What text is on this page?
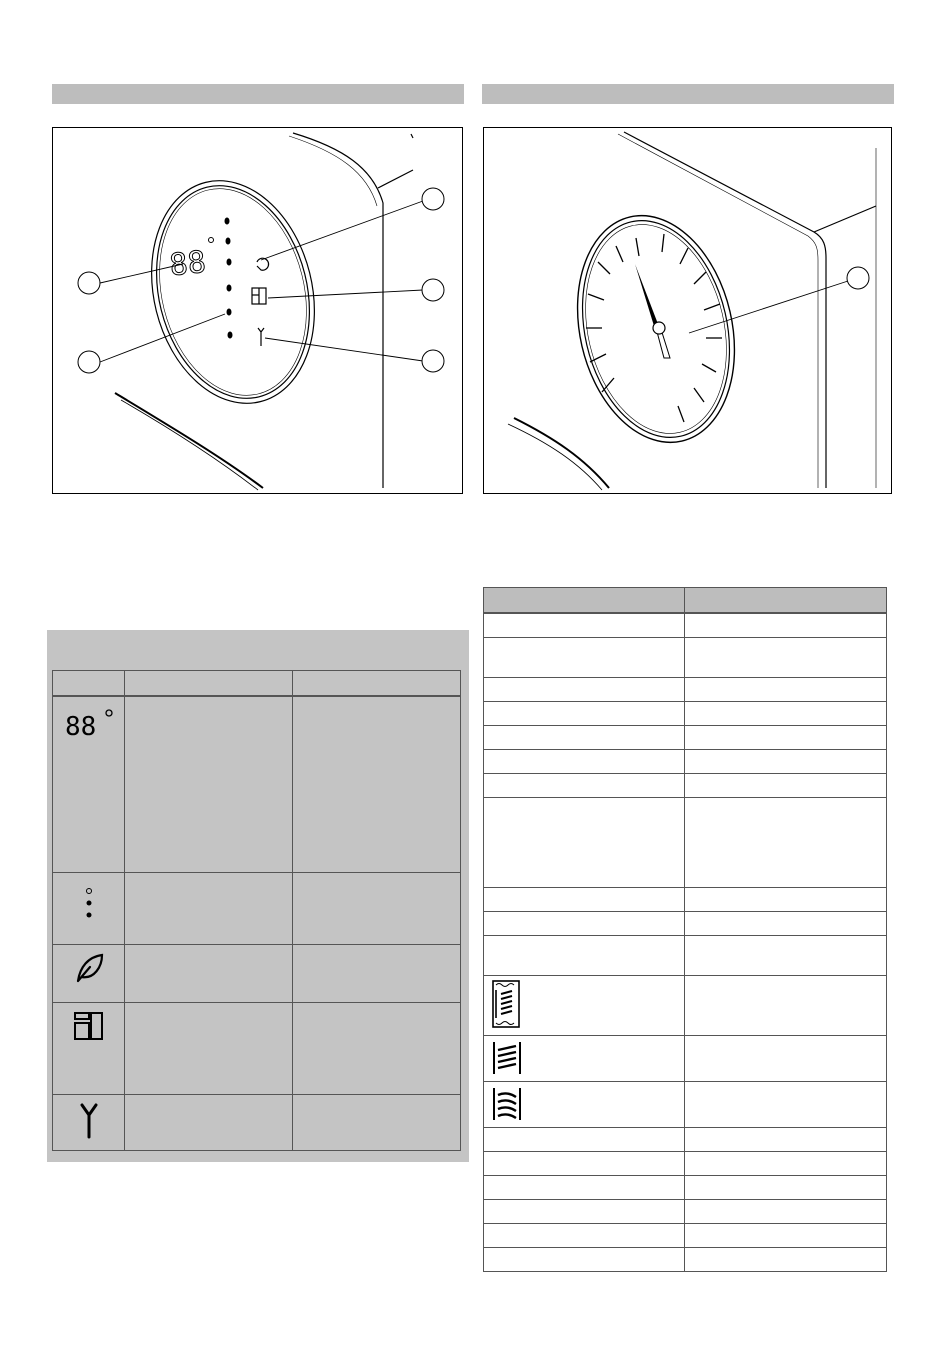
88

88		
